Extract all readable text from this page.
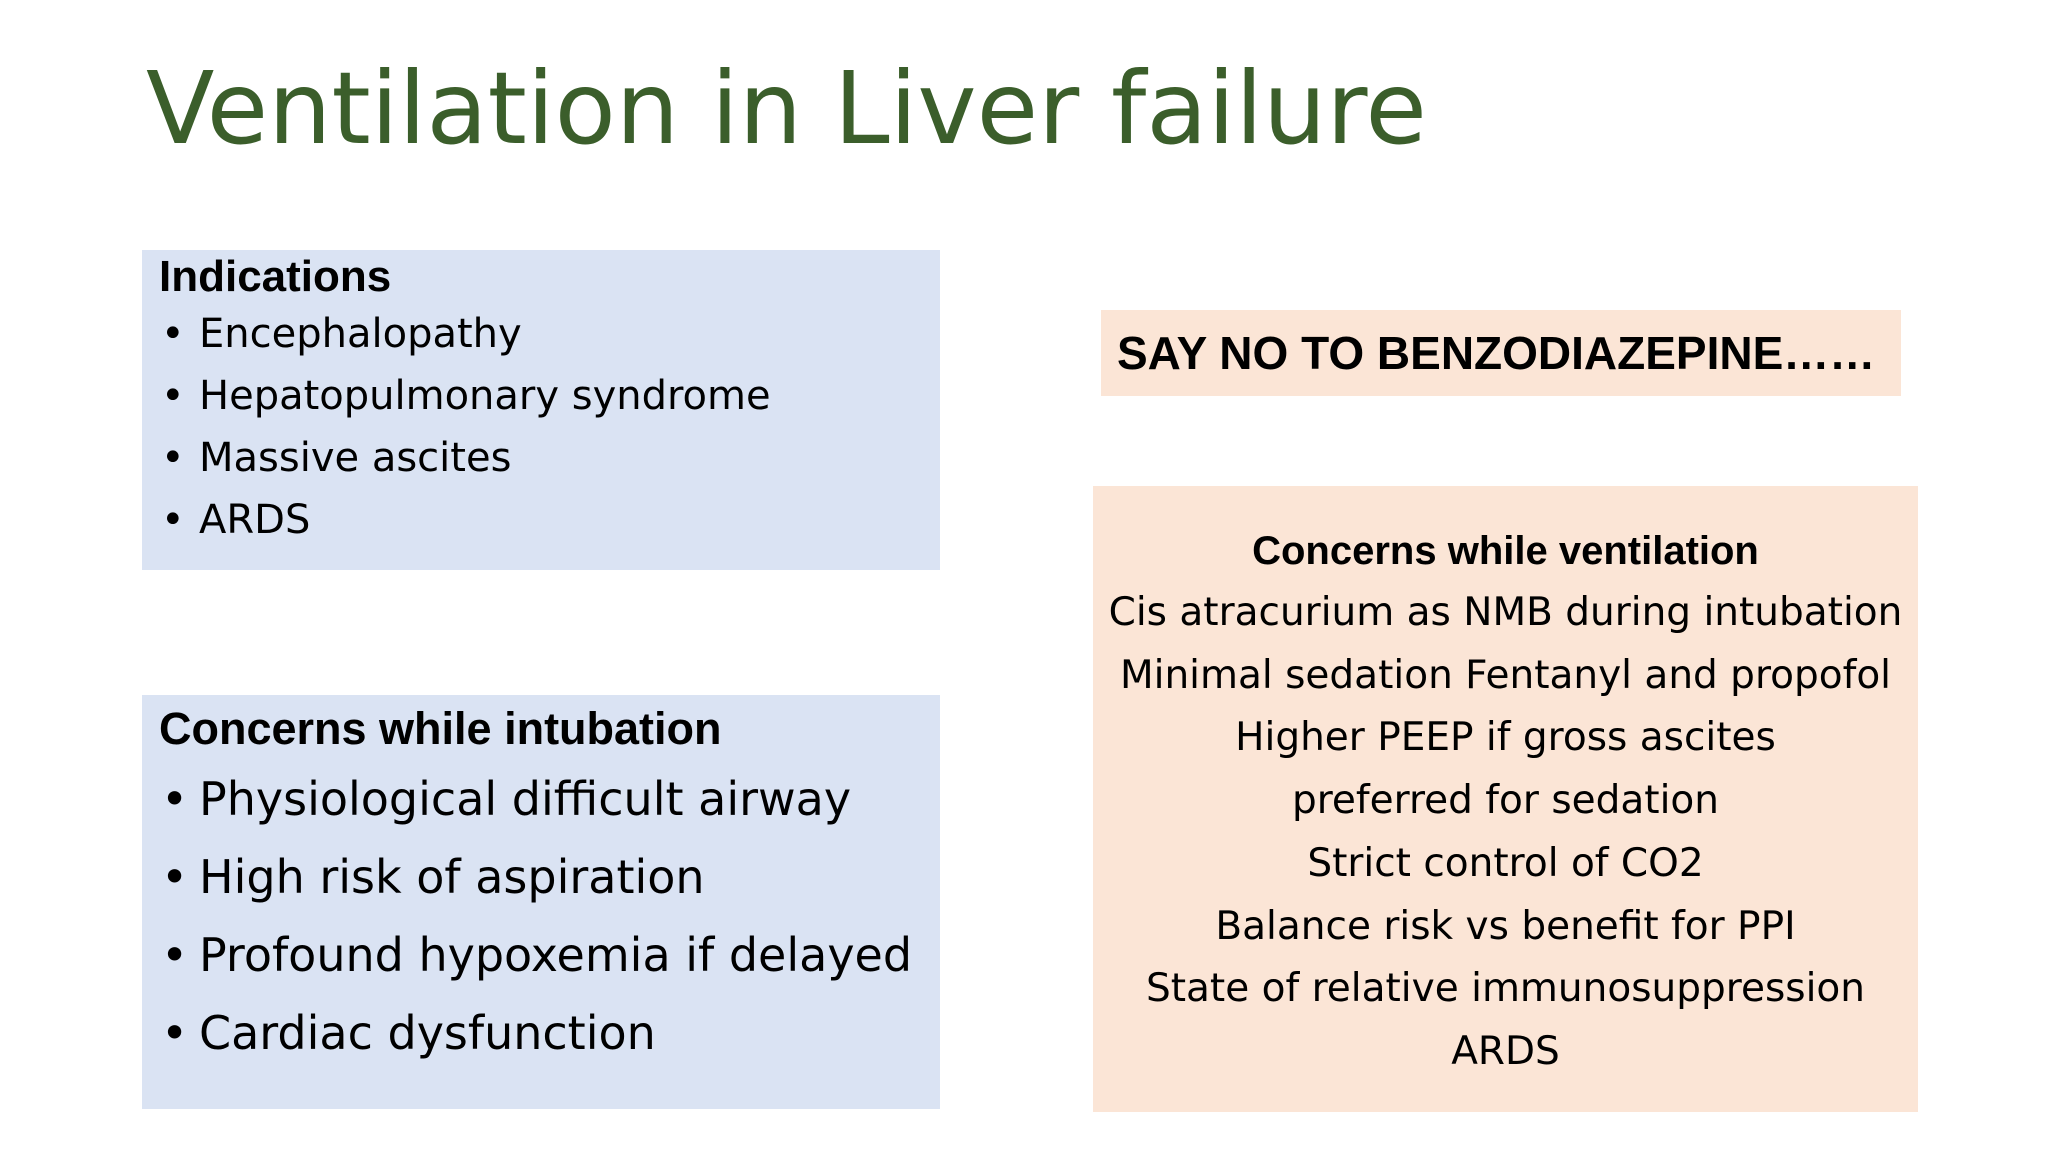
Ventilation in Liver failure
Indications
• Encephalopathy
• Hepatopulmonary syndrome
• Massive ascites
• ARDS
Concerns while intubation
• Physiological difficult airway
• High risk of aspiration
• Profound hypoxemia if delayed
• Cardiac dysfunction
SAY NO TO BENZODIAZEPINE……
Concerns while ventilation
Cis atracurium as NMB during intubation
Minimal sedation Fentanyl and propofol
Higher PEEP if gross ascites
preferred for sedation
Strict control of CO2
Balance risk vs benefit for PPI
State of relative immunosuppression
ARDS
